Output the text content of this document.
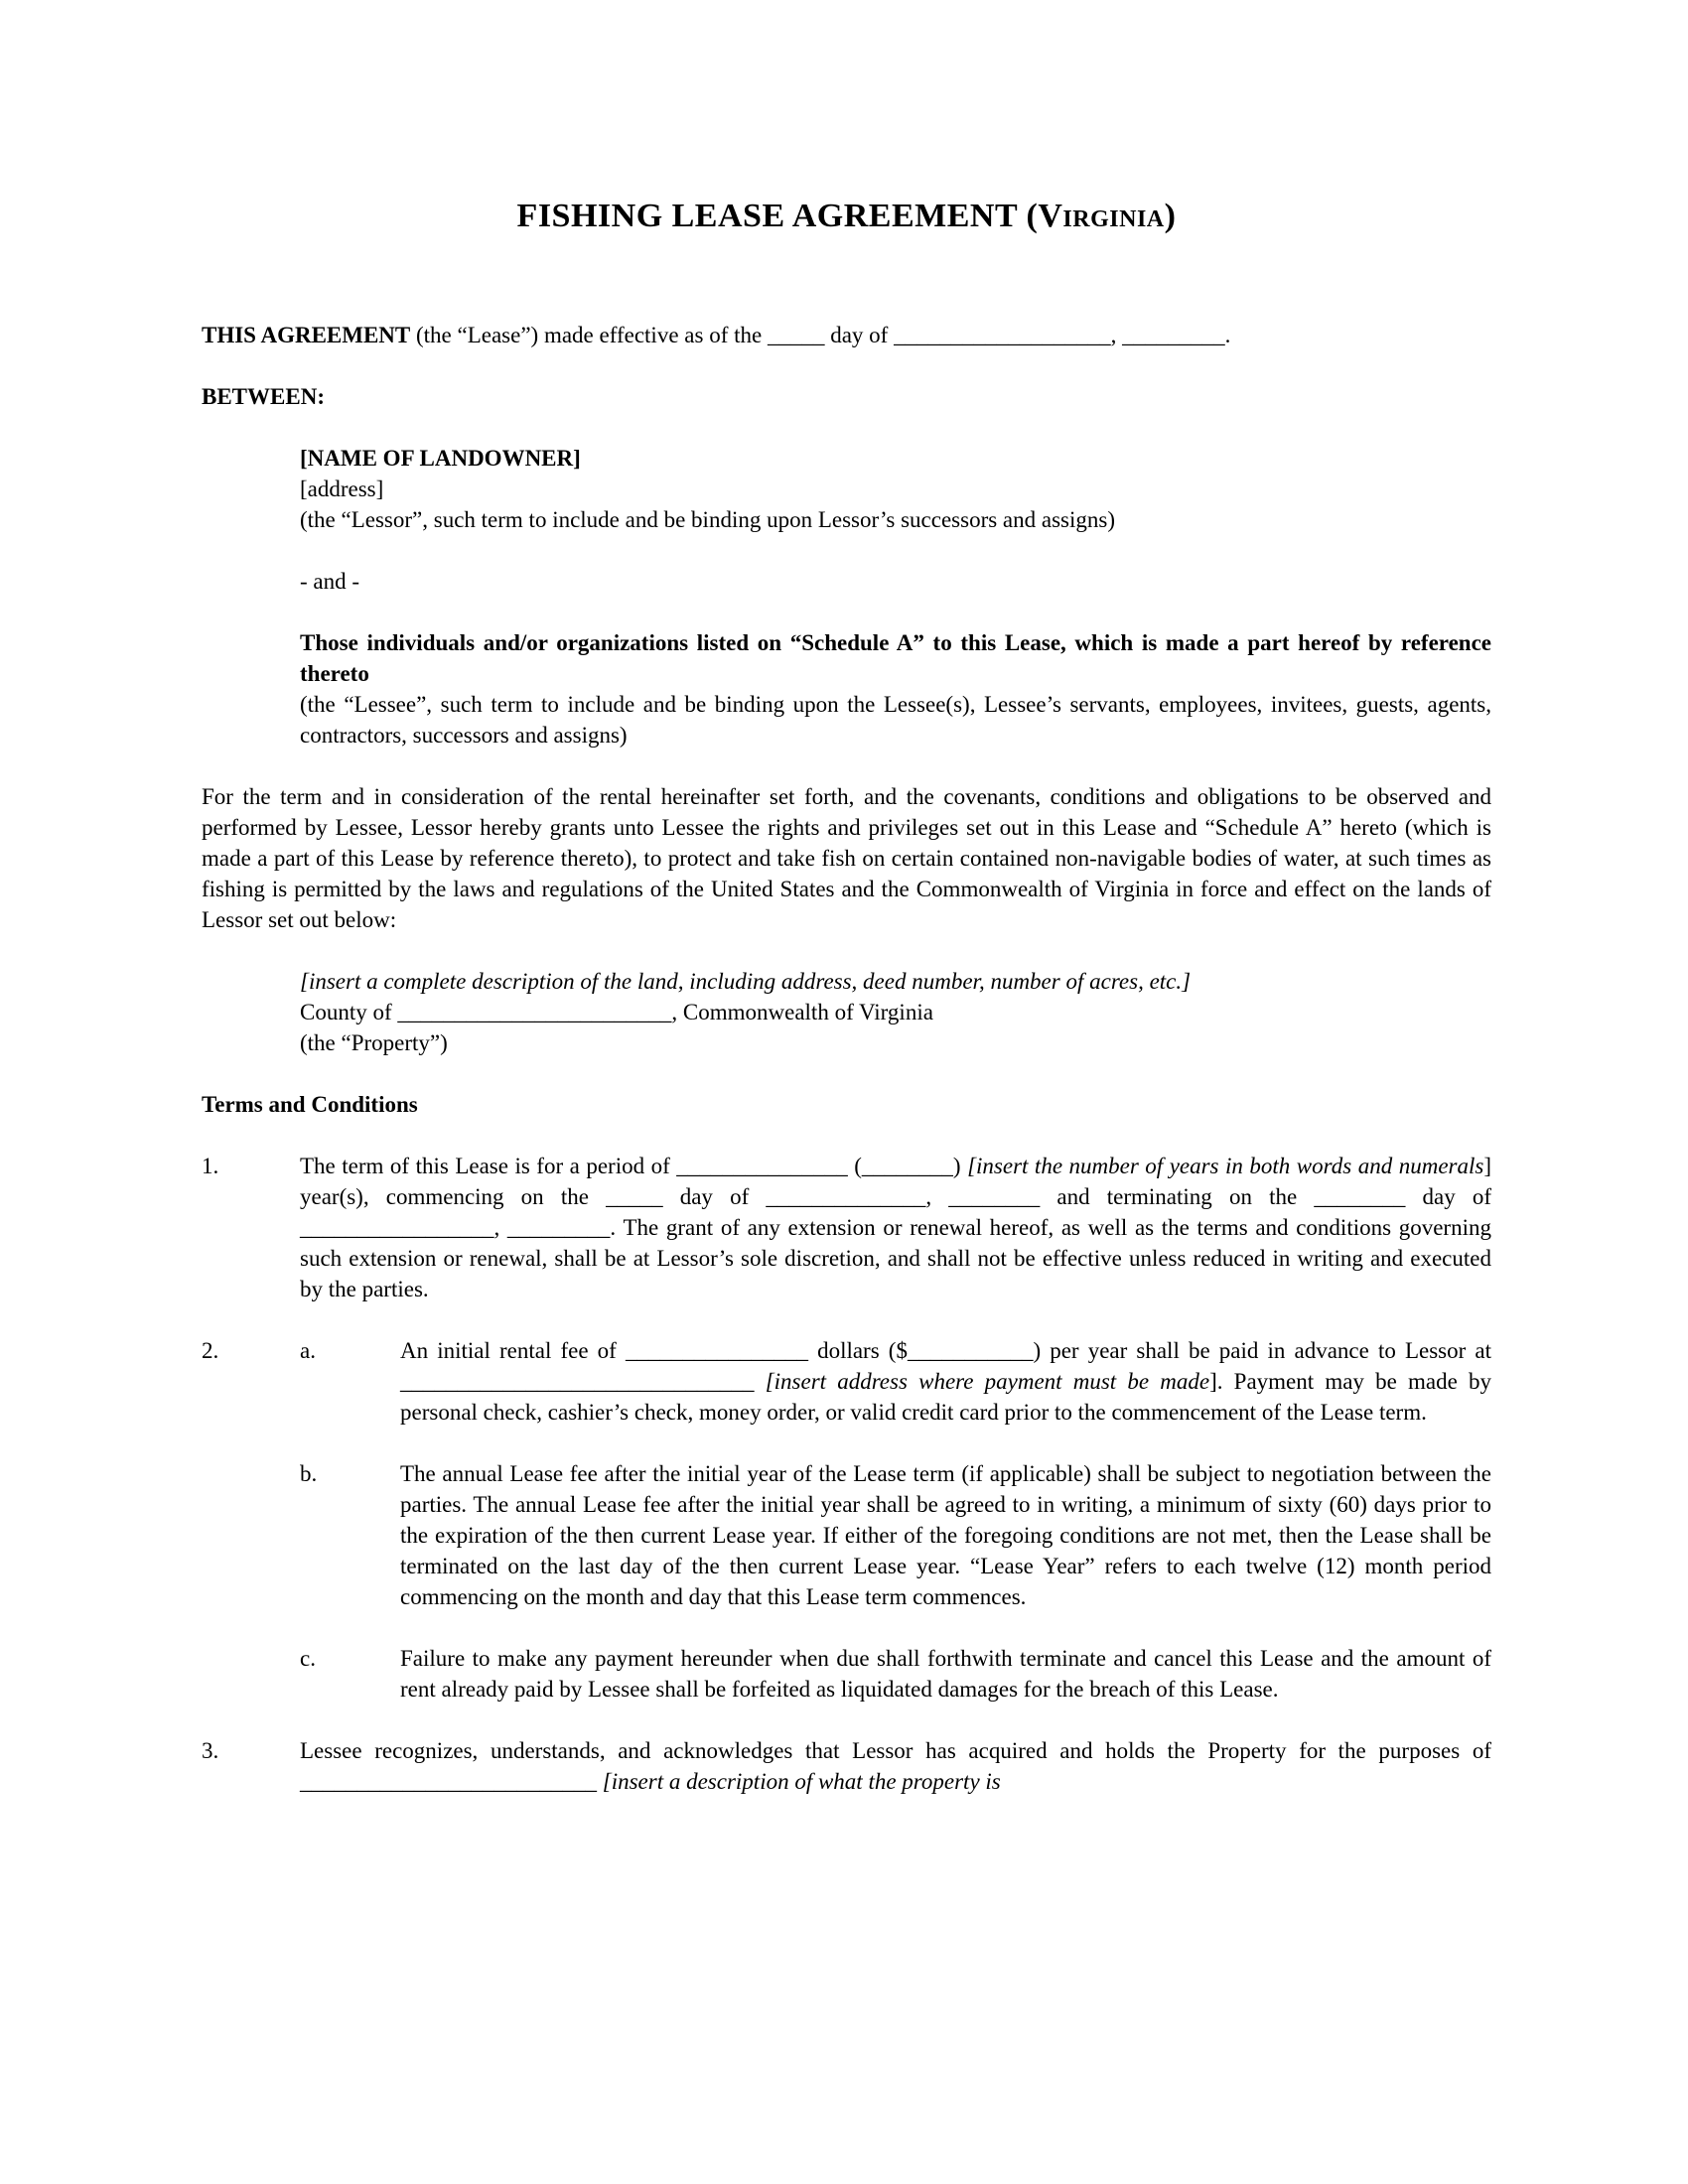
FISHING LEASE AGREEMENT (Virginia)

THIS AGREEMENT (the “Lease”) made effective as of the _____ day of ___________________, _________.

BETWEEN:

[NAME OF LANDOWNER]

[address]

(the “Lessor”, such term to include and be binding upon Lessor’s successors and assigns)

- and -

Those individuals and/or organizations listed on “Schedule A” to this Lease, which is made a part hereof by reference thereto

(the “Lessee”, such term to include and be binding upon the Lessee(s), Lessee’s servants, employees, invitees, guests, agents, contractors, successors and assigns)

For the term and in consideration of the rental hereinafter set forth, and the covenants, conditions and obligations to be observed and performed by Lessee, Lessor hereby grants unto Lessee the rights and privileges set out in this Lease and “Schedule A” hereto (which is made a part of this Lease by reference thereto), to protect and take fish on certain contained non-navigable bodies of water, at such times as fishing is permitted by the laws and regulations of the United States and the Commonwealth of Virginia in force and effect on the lands of Lessor set out below:

[insert a complete description of the land, including address, deed number, number of acres, etc.]

County of ________________________, Commonwealth of Virginia

(the “Property”)

Terms and Conditions

1.	The term of this Lease is for a period of _______________ (________) [insert the number of years in both words and numerals] year(s), commencing on the _____ day of ______________, ________ and terminating on the ________ day of _________________, _________. The grant of any extension or renewal hereof, as well as the terms and conditions governing such extension or renewal, shall be at Lessor’s sole discretion, and shall not be effective unless reduced in writing and executed by the parties.
2.	a.	An initial rental fee of ________________ dollars ($___________) per year shall be paid in advance to Lessor at _______________________________ [insert address where payment must be made]. Payment may be made by personal check, cashier’s check, money order, or valid credit card prior to the commencement of the Lease term.
b.	The annual Lease fee after the initial year of the Lease term (if applicable) shall be subject to negotiation between the parties. The annual Lease fee after the initial year shall be agreed to in writing, a minimum of sixty (60) days prior to the expiration of the then current Lease year. If either of the foregoing conditions are not met, then the Lease shall be terminated on the last day of the then current Lease year. “Lease Year” refers to each twelve (12) month period commencing on the month and day that this Lease term commences.
c.	Failure to make any payment hereunder when due shall forthwith terminate and cancel this Lease and the amount of rent already paid by Lessee shall be forfeited as liquidated damages for the breach of this Lease.
3.	Lessee recognizes, understands, and acknowledges that Lessor has acquired and holds the Property for the purposes of __________________________ [insert a description of what the property is
